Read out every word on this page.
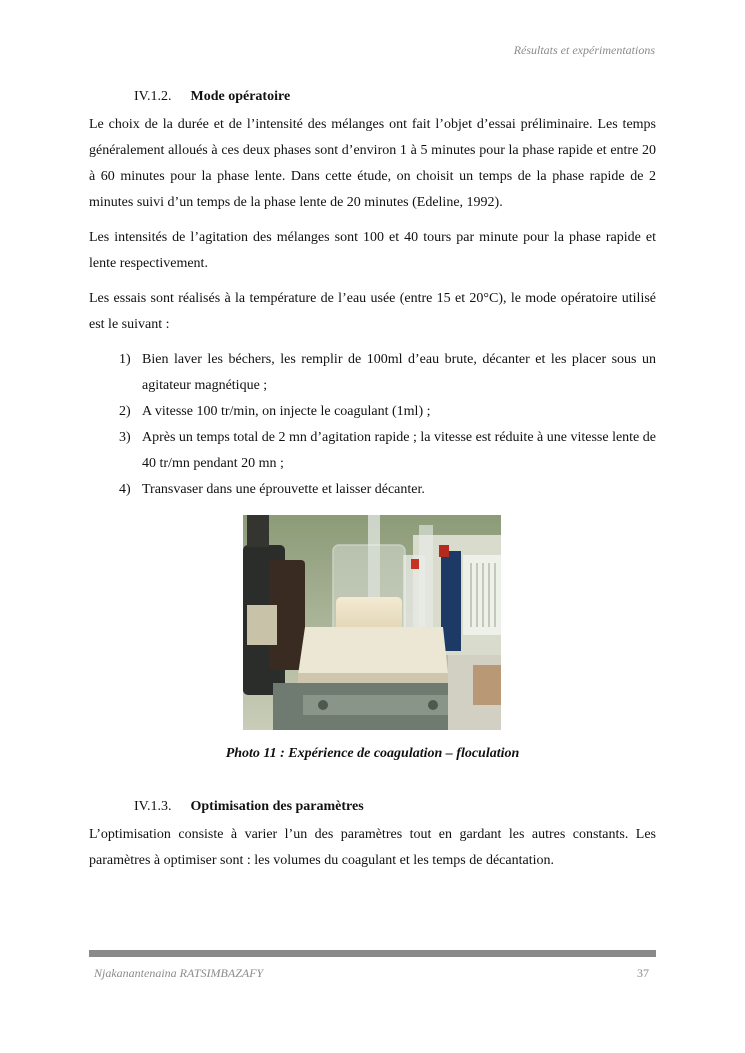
Résultats et expérimentations
IV.1.2. Mode opératoire

Le choix de la durée et de l’intensité des mélanges ont fait l’objet d’essai préliminaire. Les temps généralement alloués à ces deux phases sont d’environ 1 à 5 minutes pour la phase rapide et entre 20 à 60 minutes pour la phase lente. Dans cette étude, on choisit un temps de la phase rapide de 2 minutes suivi d’un temps de la phase lente de 20 minutes (Edeline, 1992).

Les intensités de l’agitation des mélanges sont 100 et 40 tours par minute pour la phase rapide et lente respectivement.

Les essais sont réalisés à la température de l’eau usée (entre 15 et 20°C), le mode opératoire utilisé est le suivant :

1) Bien laver les béchers, les remplir de 100ml d’eau brute, décanter et les placer sous un agitateur magnétique ;
2) A vitesse 100 tr/min, on injecte le coagulant (1ml) ;
3) Après un temps total de 2 mn d’agitation rapide ; la vitesse est réduite à une vitesse lente de 40 tr/mn pendant 20 mn ;
4) Transvaser dans une éprouvette et laisser décanter.
Photo 11 : Expérience de coagulation – floculation
IV.1.3. Optimisation des paramètres

L’optimisation consiste à varier l’un des paramètres tout en gardant les autres constants. Les paramètres à optimiser sont : les volumes du coagulant et les temps de décantation.

Njakanantenaina RATSIMBAZAFY	37
